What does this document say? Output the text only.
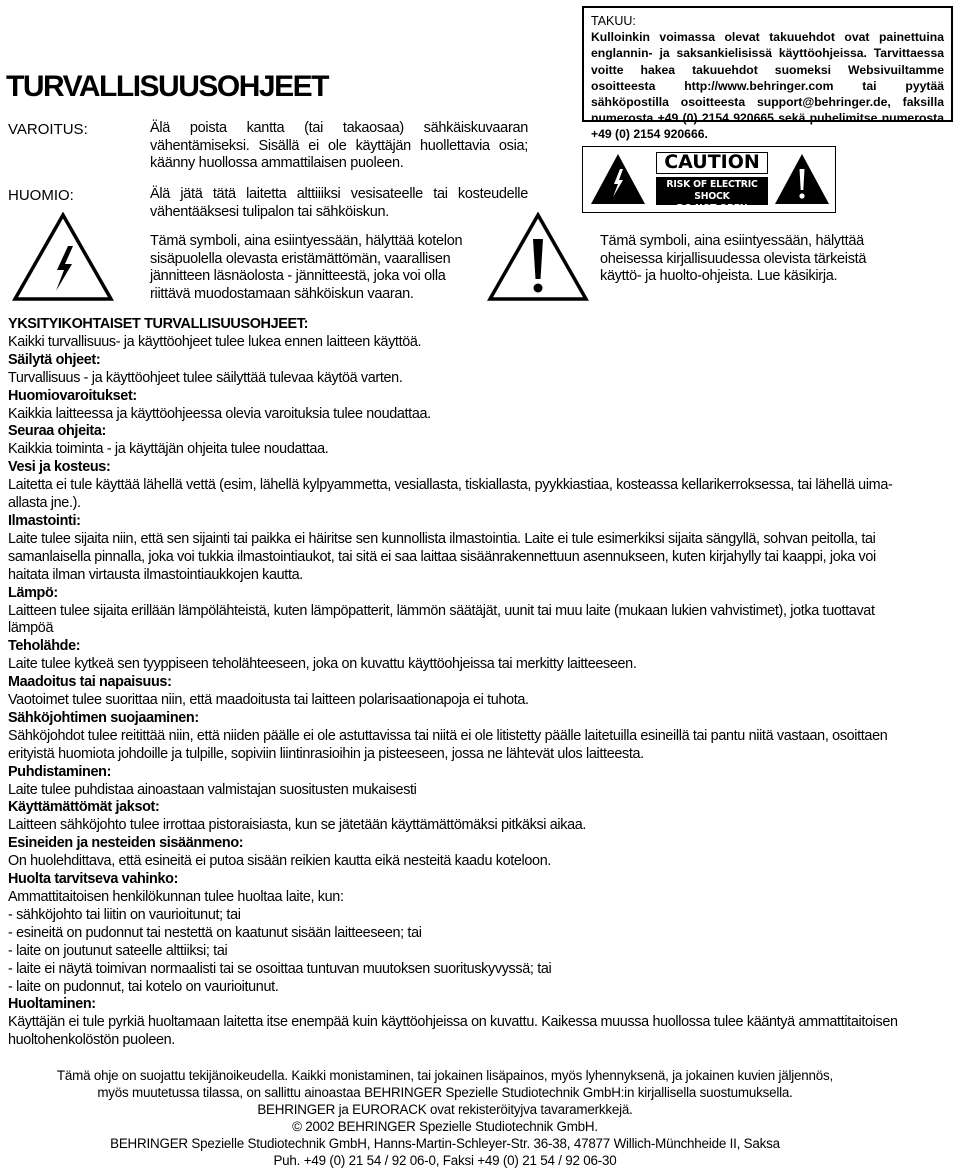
TAKUU:
Kulloinkin voimassa olevat takuuehdot ovat painettuina englannin- ja saksankielisissä käyttöohjeissa. Tarvittaessa voitte hakea takuuehdot suomeksi Websivuiltamme osoitteesta http://www.behringer.com tai pyytää sähköpostilla osoitteesta support@behringer.de, faksilla numerosta +49 (0) 2154 920665 sekä puhelimitse numerosta +49 (0) 2154 920666.
TURVALLISUUSOHJEET
VAROITUS:	Älä poista kantta (tai takaosaa) sähkäiskuvaaran vähentämiseksi. Sisällä ei ole käyttäjän huollettavia osia; käänny huollossa ammattilaisen puoleen.
HUOMIO:	Älä jätä tätä laitetta alttiiiksi vesisateelle tai kosteudelle vähentääksesi tulipalon tai sähköiskun.
Tämä symboli, aina esiintyessään, hälyttää kotelon sisäpuolella olevasta eristämättömän, vaarallisen jännitteen läsnäolosta - jännitteestä, joka voi olla riittävä muodostamaan sähköiskun vaaran.
CAUTION
RISK OF ELECTRIC SHOCK
DO NOT OPEN
Tämä symboli, aina esiintyessään, hälyttää oheisessa kirjallisuudessa olevista tärkeistä käyttö- ja huolto-ohjeista. Lue käsikirja.
YKSITYIKOHTAISET TURVALLISUUSOHJEET:
Kaikki turvallisuus- ja käyttöohjeet tulee lukea ennen laitteen käyttöä.
Säilytä ohjeet:
Turvallisuus - ja käyttöohjeet tulee säilyttää tulevaa käytöä varten.
Huomiovaroitukset:
Kaikkia laitteessa ja käyttöohjeessa olevia varoituksia tulee noudattaa.
Seuraa ohjeita:
Kaikkia toiminta - ja käyttäjän ohjeita tulee noudattaa.
Vesi ja kosteus:
Laitetta ei tule käyttää lähellä vettä (esim, lähellä kylpyammetta, vesiallasta, tiskiallasta, pyykkiastiaa, kosteassa kellarikerroksessa, tai lähellä uima-allasta jne.).
Ilmastointi:
Laite tulee sijaita niin, että sen sijainti tai paikka ei häiritse sen kunnollista ilmastointia. Laite ei tule esimerkiksi sijaita sängyllä, sohvan peitolla, tai samanlaisella pinnalla, joka voi tukkia ilmastointiaukot, tai sitä ei saa laittaa sisäänrakennettuun asennukseen, kuten kirjahylly tai kaappi, joka voi haitata ilman virtausta ilmastointiaukkojen kautta.
Lämpö:
Laitteen tulee sijaita erillään lämpölähteistä, kuten lämpöpatterit, lämmön säätäjät, uunit tai muu laite (mukaan lukien vahvistimet), jotka tuottavat lämpöä
Teholähde:
Laite tulee kytkeä sen tyyppiseen teholähteeseen, joka on kuvattu käyttöohjeissa tai merkitty laitteeseen.
Maadoitus tai napaisuus:
Vaotoimet tulee suorittaa niin, että maadoitusta tai laitteen polarisaationapoja ei tuhota.
Sähköjohtimen suojaaminen:
Sähköjohdot tulee reitittää niin, että niiden päälle ei ole astuttavissa tai niitä ei ole litistetty päälle laitetuilla esineillä tai pantu niitä vastaan, osoittaen erityistä huomiota johdoille ja tulpille, sopiviin liintinrasioihin ja pisteeseen, jossa ne lähtevät ulos laitteesta.
Puhdistaminen:
Laite tulee puhdistaa ainoastaan valmistajan suositusten mukaisesti
Käyttämättömät jaksot:
Laitteen sähköjohto tulee irrottaa pistoraisiasta, kun se jätetään käyttämättömäksi pitkäksi aikaa.
Esineiden ja nesteiden sisäänmeno:
On huolehdittava, että esineitä ei putoa sisään reikien kautta eikä nesteitä kaadu koteloon.
Huolta tarvitseva vahinko:
Ammattitaitoisen henkilökunnan tulee huoltaa laite, kun:
- sähköjohto tai liitin on vaurioitunut; tai
- esineitä on pudonnut tai nestettä on kaatunut sisään laitteeseen; tai
- laite on joutunut sateelle alttiiksi; tai
- laite ei näytä toimivan normaalisti tai se osoittaa tuntuvan muutoksen suorituskyvyssä; tai
- laite on pudonnut, tai kotelo on vaurioitunut.
Huoltaminen:
Käyttäjän ei tule pyrkiä huoltamaan laitetta itse enempää kuin käyttöohjeissa on kuvattu. Kaikessa muussa huollossa tulee kääntyä ammattitaitoisen huoltohenkolöstön puoleen.
Tämä ohje on suojattu tekijänoikeudella. Kaikki monistaminen, tai jokainen lisäpainos, myös lyhennyksenä, ja jokainen kuvien jäljennös,
myös muutetussa tilassa, on sallittu ainoastaa BEHRINGER Spezielle Studiotechnik GmbH:in kirjallisella suostumuksella.
BEHRINGER ja EURORACK ovat rekisteröityjva tavaramerkkejä.
© 2002 BEHRINGER Spezielle Studiotechnik GmbH.
BEHRINGER Spezielle Studiotechnik GmbH, Hanns-Martin-Schleyer-Str. 36-38, 47877 Willich-Münchheide II, Saksa
Puh. +49 (0) 21 54 / 92 06-0, Faksi +49 (0) 21 54 / 92 06-30
